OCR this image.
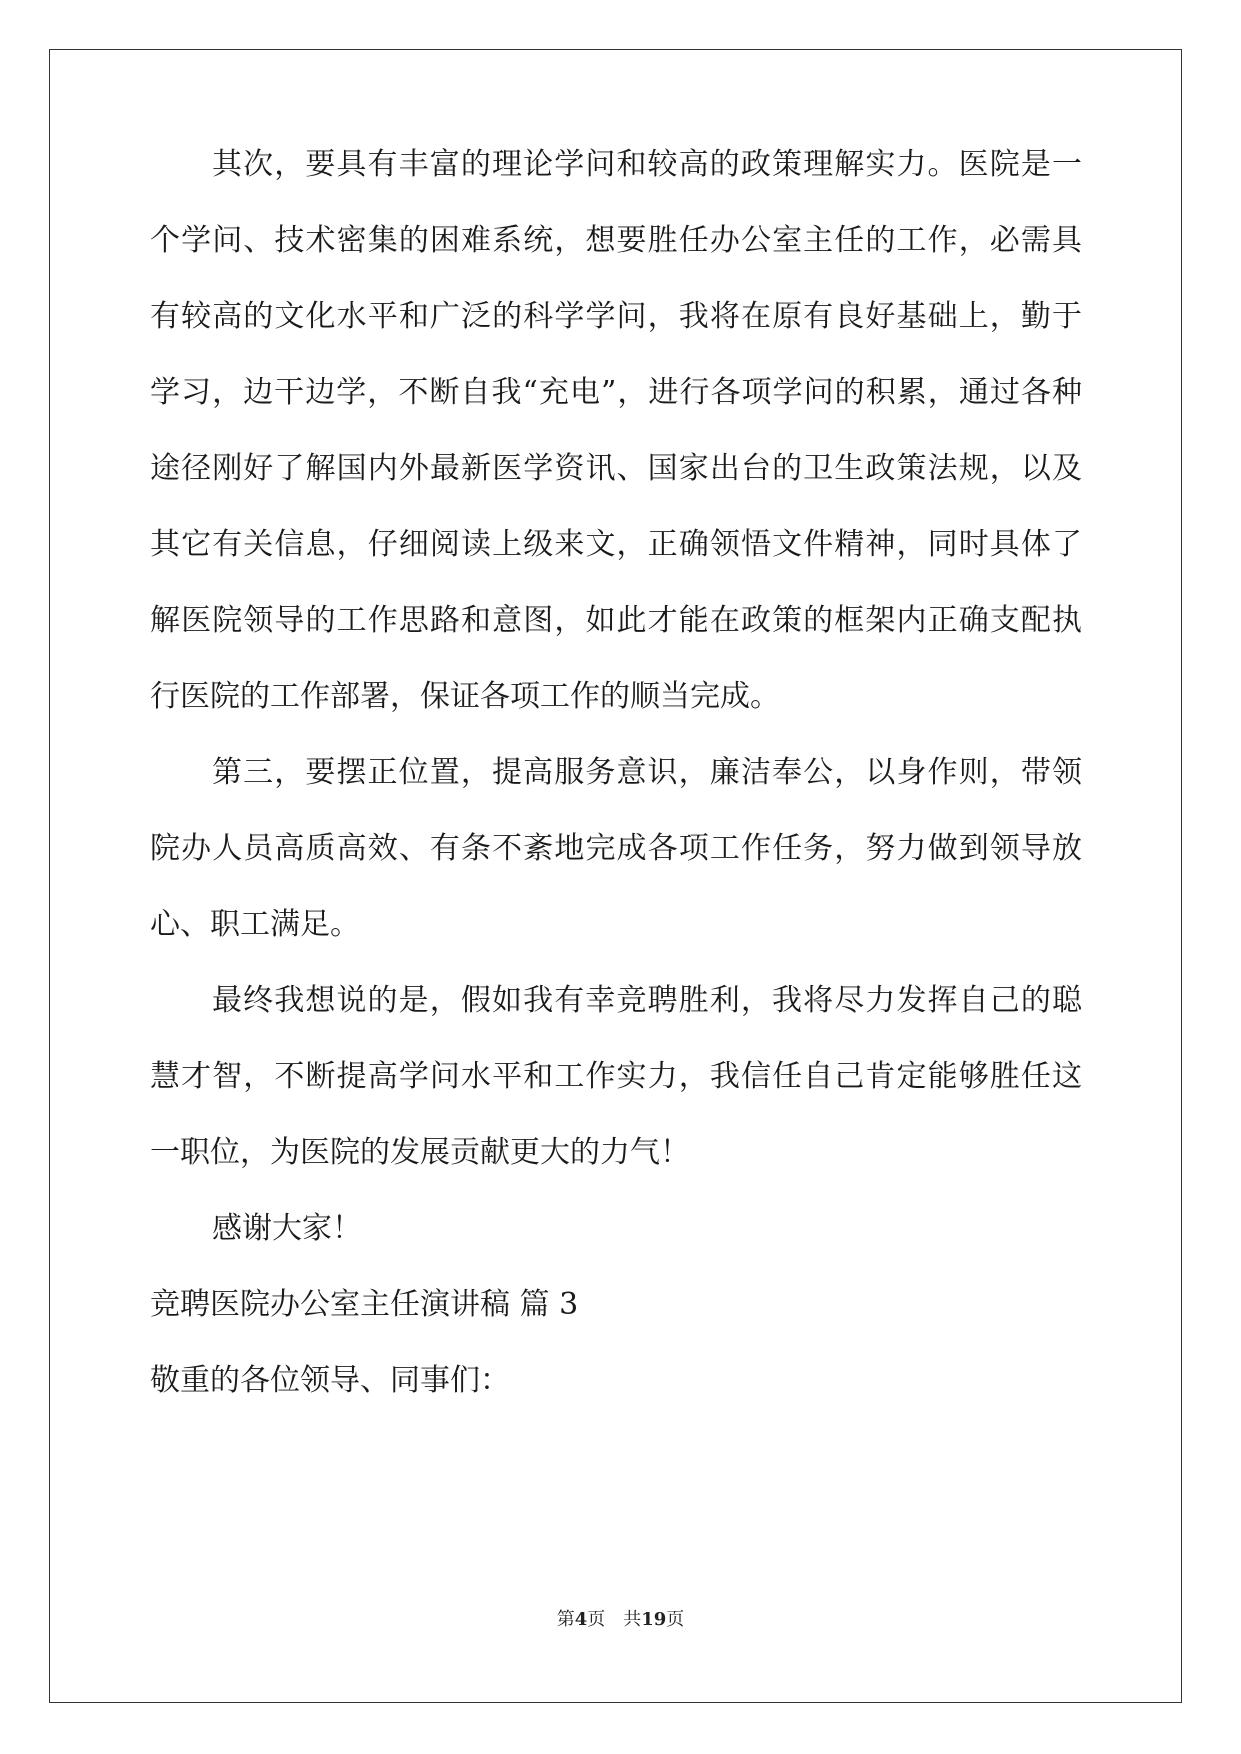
其次，要具有丰富的理论学问和较高的政策理解实力。医院是一
个学问、技术密集的困难系统，想要胜任办公室主任的工作，必需具
有较高的文化水平和广泛的科学学问，我将在原有良好基础上，勤于
学习，边干边学，不断自我“充电”，进行各项学问的积累，通过各种
途径刚好了解国内外最新医学资讯、国家出台的卫生政策法规，以及
其它有关信息，仔细阅读上级来文，正确领悟文件精神，同时具体了
解医院领导的工作思路和意图，如此才能在政策的框架内正确支配执
行医院的工作部署，保证各项工作的顺当完成。
第三，要摆正位置，提高服务意识，廉洁奉公，以身作则，带领
院办人员高质高效、有条不紊地完成各项工作任务，努力做到领导放
心、职工满足。
最终我想说的是，假如我有幸竞聘胜利，我将尽力发挥自己的聪
慧才智，不断提高学问水平和工作实力，我信任自己肯定能够胜任这
一职位，为医院的发展贡献更大的力气！
感谢大家！
竞聘医院办公室主任演讲稿 篇 3
敬重的各位领导、同事们：
第4页　共19页
